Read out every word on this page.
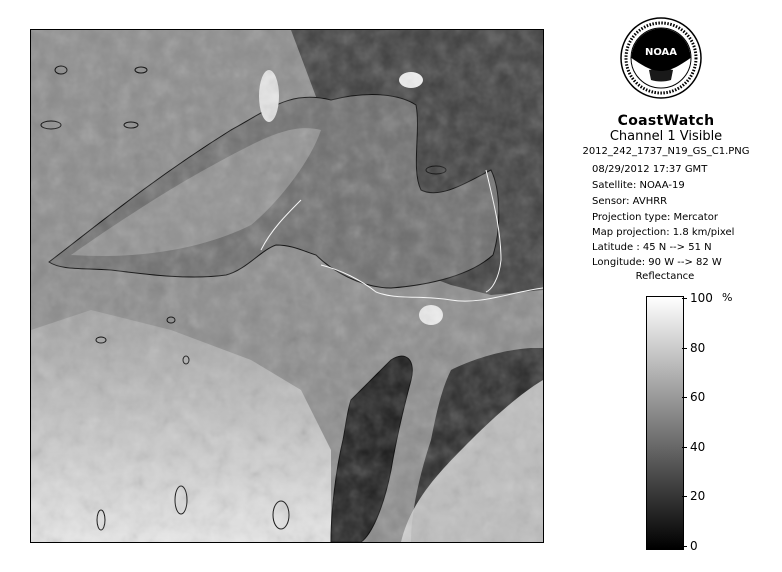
NOAA
CoastWatch
Channel 1 Visible
2012_242_1737_N19_GS_C1.PNG
08/29/2012 17:37 GMT
Satellite: NOAA-19
Sensor: AVHRR
Projection type: Mercator
Map projection: 1.8 km/pixel
Latitude : 45 N --> 51 N
Longitude: 90 W --> 82 W
Reflectance
%
100
80
60
40
20
0
